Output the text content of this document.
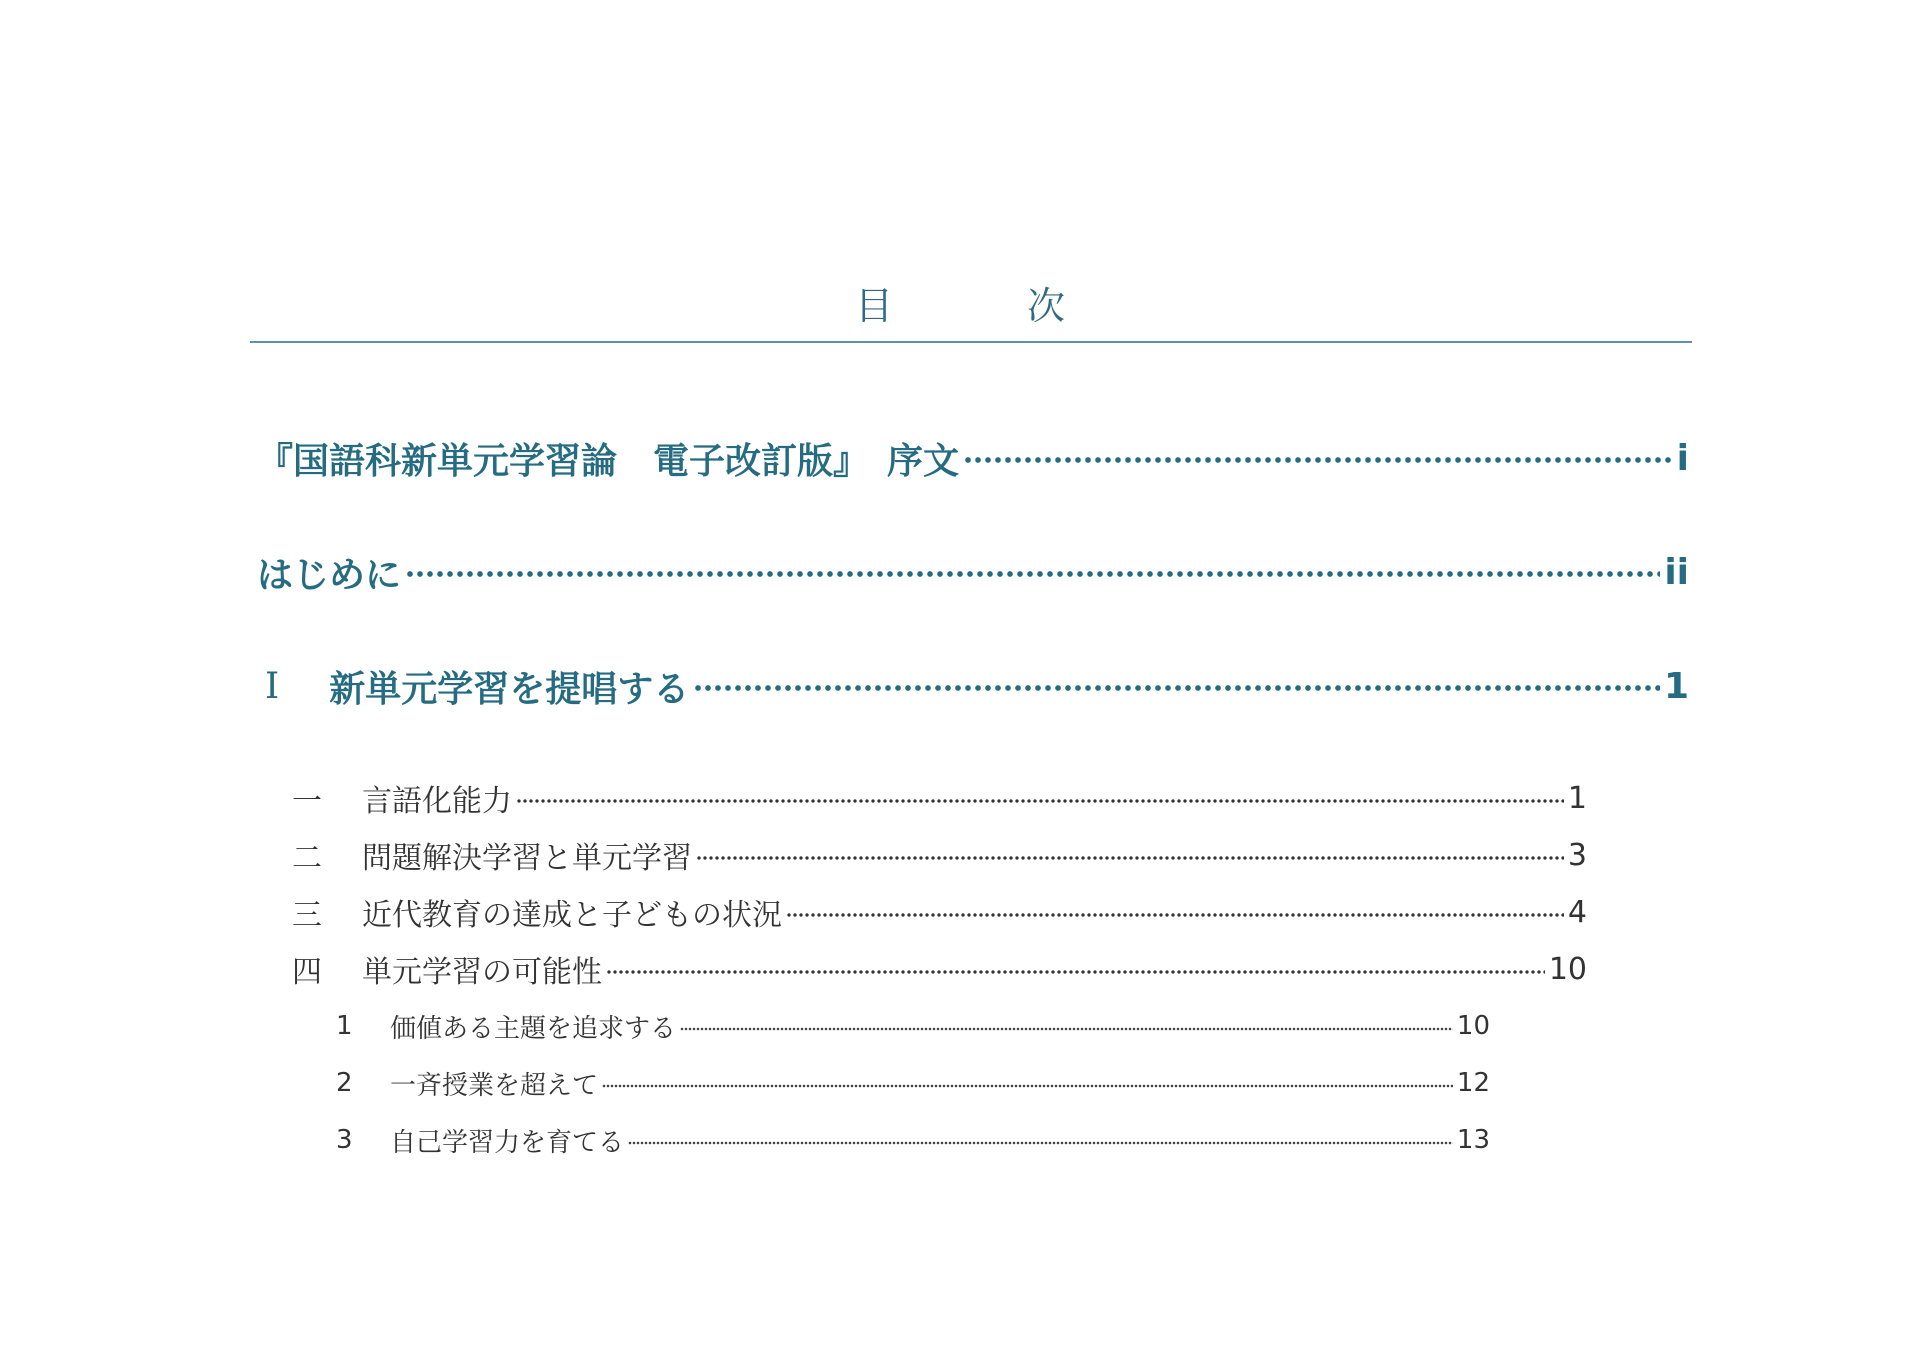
目　次
『国語科新単元学習論　電子改訂版』　序文	i
はじめに	ii
Ⅰ 新単元学習を提唱する	1
一	言語化能力	1
二	問題解決学習と単元学習	3
三	近代教育の達成と子どもの状況	4
四	単元学習の可能性	10
1	価値ある主題を追求する	10
2	一斉授業を超えて	12
3	自己学習力を育てる	13
